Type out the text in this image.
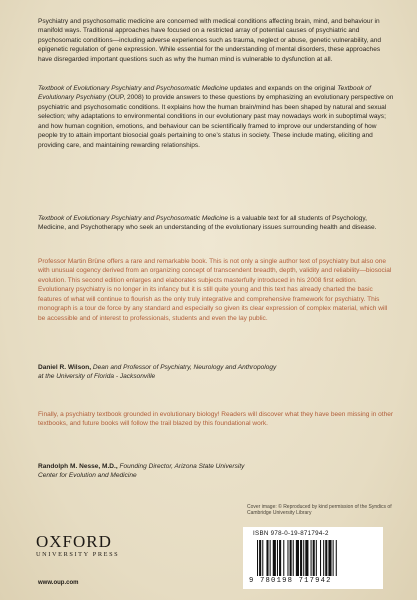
Psychiatry and psychosomatic medicine are concerned with medical conditions affecting brain, mind, and behaviour in manifold ways. Traditional approaches have focused on a restricted array of potential causes of psychiatric and psychosomatic conditions—including adverse experiences such as trauma, neglect or abuse, genetic vulnerability, and epigenetic regulation of gene expression. While essential for the understanding of mental disorders, these approaches have disregarded important questions such as why the human mind is vulnerable to dysfunction at all.

Textbook of Evolutionary Psychiatry and Psychosomatic Medicine updates and expands on the original Textbook of Evolutionary Psychiatry (OUP, 2008) to provide answers to these questions by emphasizing an evolutionary perspective on psychiatric and psychosomatic conditions. It explains how the human brain/mind has been shaped by natural and sexual selection; why adaptations to environmental conditions in our evolutionary past may nowadays work in suboptimal ways; and how human cognition, emotions, and behaviour can be scientifically framed to improve our understanding of how people try to attain important biosocial goals pertaining to one’s status in society. These include mating, eliciting and providing care, and maintaining rewarding relationships.

Textbook of Evolutionary Psychiatry and Psychosomatic Medicine is a valuable text for all students of Psychology, Medicine, and Psychotherapy who seek an understanding of the evolutionary issues surrounding health and disease.

Professor Martin Brüne offers a rare and remarkable book. This is not only a single author text of psychiatry but also one with unusual cogency derived from an organizing concept of transcendent breadth, depth, validity and reliability—biosocial evolution. This second edition enlarges and elaborates subjects masterfully introduced in his 2008 first edition. Evolutionary psychiatry is no longer in its infancy but it is still quite young and this text has already charted the basic features of what will continue to flourish as the only truly integrative and comprehensive framework for psychiatry. This monograph is a tour de force by any standard and especially so given its clear expression of complex material, which will be accessible and of interest to professionals, students and even the lay public.

Daniel R. Wilson, Dean and Professor of Psychiatry, Neurology and Anthropology
at the University of Florida - Jacksonville

Finally, a psychiatry textbook grounded in evolutionary biology! Readers will discover what they have been missing in other textbooks, and future books will follow the trail blazed by this foundational work.

Randolph M. Nesse, M.D., Founding Director, Arizona State University
Center for Evolution and Medicine

Cover image: © Reproduced by kind permission of the Syndics of Cambridge University Library

OXFORD
UNIVERSITY PRESS
www.oup.com
ISBN 978-0-19-871794-2
9 780198 717942
